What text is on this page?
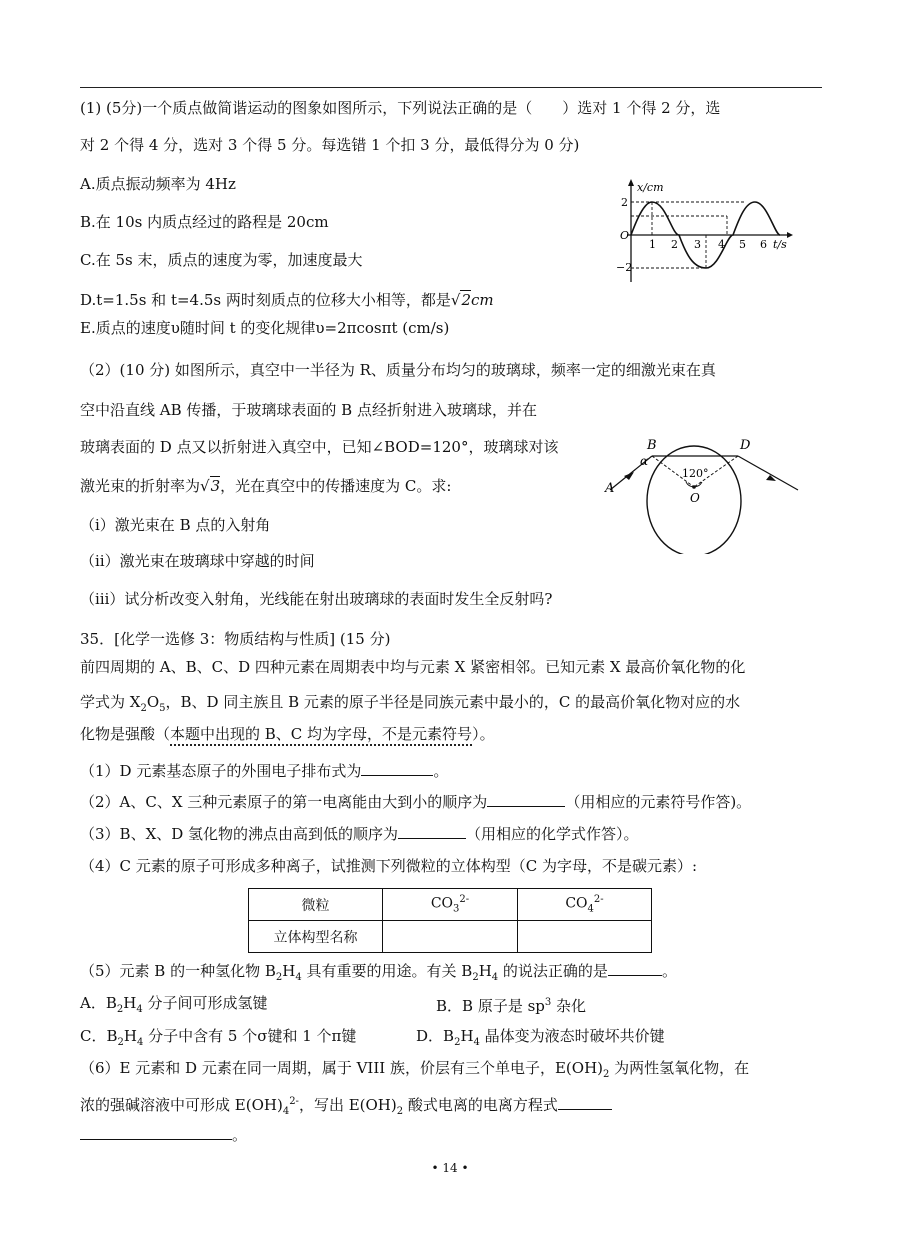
(1) (5分)一个质点做简谐运动的图象如图所示，下列说法正确的是（　　）选对 1 个得 2 分，选
对 2 个得 4 分，选对 3 个得 5 分。每选错 1 个扣 3 分，最低得分为 0 分)
A.质点振动频率为 4Hz
B.在 10s 内质点经过的路程是 20cm
C.在 5s 末，质点的速度为零，加速度最大
D.t=1.5s 和 t=4.5s 两时刻质点的位移大小相等，都是√2cm
E.质点的速度υ随时间 t 的变化规律υ=2πcosπt (cm/s)
x/cm
t/s
O
2
−2
1 2 3 4 5 6
（2）(10 分) 如图所示，真空中一半径为 R、质量分布均匀的玻璃球，频率一定的细激光束在真
空中沿直线 AB 传播，于玻璃球表面的 B 点经折射进入玻璃球，并在
玻璃表面的 D 点又以折射进入真空中，已知∠BOD=120°，玻璃球对该
激光束的折射率为√3，光在真空中的传播速度为 C。求:
（ⅰ）激光束在 B 点的入射角
（ⅱ）激光束在玻璃球中穿越的时间
（ⅲ）试分析改变入射角，光线能在射出玻璃球的表面时发生全反射吗?
B	D
A
O
α
120°
35．[化学一选修 3：物质结构与性质] (15 分)
前四周期的 A、B、C、D 四种元素在周期表中均与元素 X 紧密相邻。已知元素 X 最高价氧化物的化
学式为 $X_2O_5$，B、D 同主族且 B 元素的原子半径是同族元素中最小的，C 的最高价氧化物对应的水
化物是强酸（本题中出现的 B、C 均为字母，不是元素符号）。
（1）D 元素基态原子的外围电子排布式为	。
（2）A、C、X 三种元素原子的第一电离能由大到小的顺序为	（用相应的元素符号作答)。
（3）B、X、D 氢化物的沸点由高到低的顺序为	（用相应的化学式作答）。
（4）C 元素的原子可形成多种离子，试推测下列微粒的立体构型（C 为字母，不是碳元素）:
微粒	$CO_3^{2-}$	$CO_4^{2-}$
立体构型名称		
（5）元素 B 的一种氢化物 $B_2H_4$ 具有重要的用途。有关 $B_2H_4$ 的说法正确的是	。
A．$B_2H_4$ 分子间可形成氢键	B．B 原子是 $sp^3$ 杂化
C．$B_2H_4$ 分子中含有 5 个σ键和 1 个π键	D．$B_2H_4$ 晶体变为液态时破坏共价键
（6）E 元素和 D 元素在同一周期，属于 VIII 族，价层有三个单电子，$E(OH)_2$ 为两性氢氧化物，在
浓的强碱溶液中可形成 $E(OH)_4^{2-}$，写出 $E(OH)_2$ 酸式电离的电离方程式
。
• 14 •
